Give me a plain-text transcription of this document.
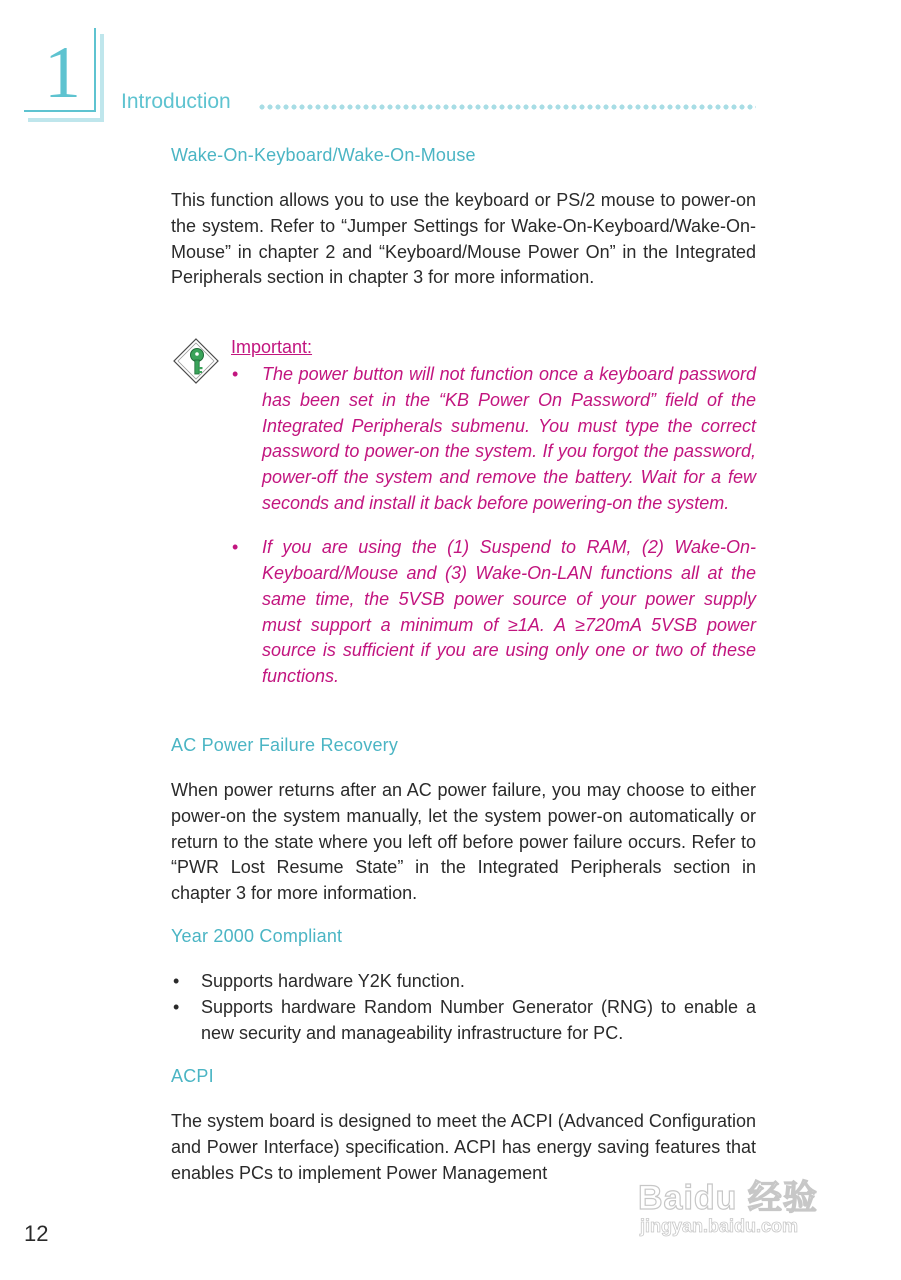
1 Introduction
Wake-On-Keyboard/Wake-On-Mouse

This function allows you to use the keyboard or PS/2 mouse to power-on the system. Refer to “Jumper Settings for Wake-On-Keyboard/Wake-On-Mouse” in chapter 2 and “Keyboard/Mouse Power On” in the Integrated Peripherals section in chapter 3 for more information.

Important:
• The power button will not function once a keyboard password has been set in the “KB Power On Password” field of the Integrated Peripherals submenu. You must type the correct password to power-on the system. If you forgot the password, power-off the system and remove the battery. Wait for a few seconds and install it back before powering-on the system.
• If you are using the (1) Suspend to RAM, (2) Wake-On-Keyboard/Mouse and (3) Wake-On-LAN functions all at the same time, the 5VSB power source of your power supply must support a minimum of ≥1A. A ≥720mA 5VSB power source is sufficient if you are using only one or two of these functions.
AC Power Failure Recovery

When power returns after an AC power failure, you may choose to either power-on the system manually, let the system power-on automatically or return to the state where you left off before power failure occurs. Refer to “PWR Lost Resume State” in the Integrated Peripherals section in chapter 3 for more information.

Year 2000 Compliant
• Supports hardware Y2K function.
• Supports hardware Random Number Generator (RNG) to enable a new security and manageability infrastructure for PC.
ACPI

The system board is designed to meet the ACPI (Advanced Configuration and Power Interface) specification. ACPI has energy saving features that enables PCs to implement Power Management

12
Baidu 经验
jingyan.baidu.com
